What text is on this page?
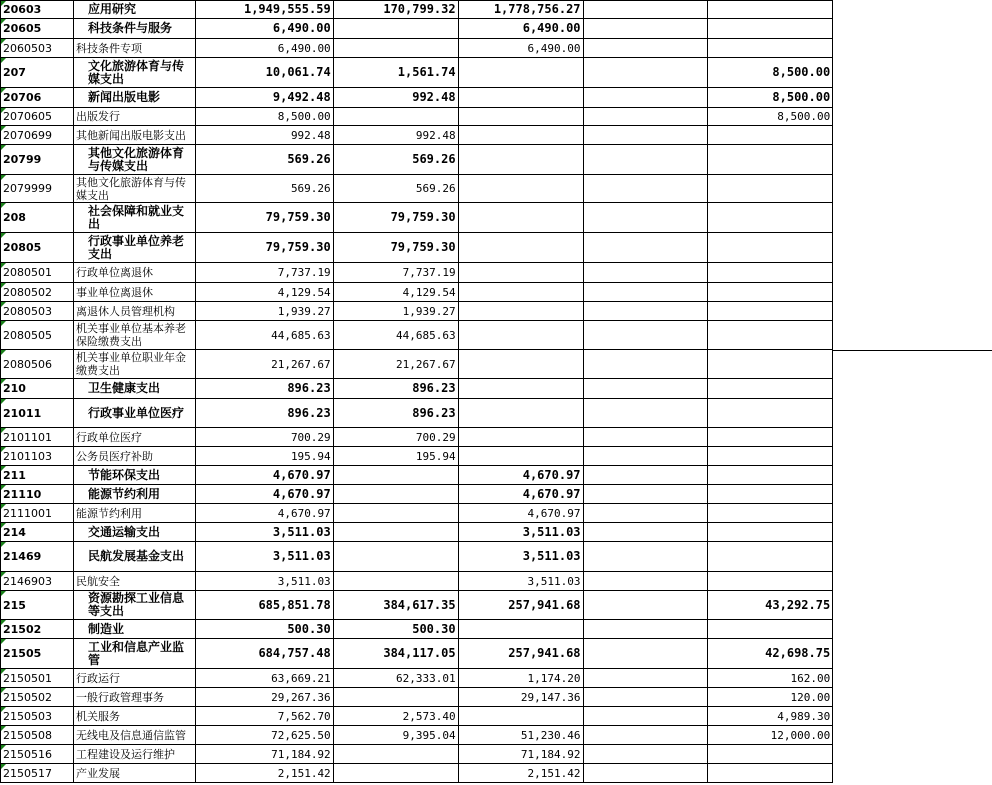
20603	应用研究	1,949,555.59	170,799.32	1,778,756.27			
20605	科技条件与服务	6,490.00		6,490.00			
2060503	科技条件专项	6,490.00		6,490.00			
207	文化旅游体育与传媒支出	10,061.74	1,561.74			8,500.00	
20706	新闻出版电影	9,492.48	992.48			8,500.00	
2070605	出版发行	8,500.00				8,500.00	
2070699	其他新闻出版电影支出	992.48	992.48				
20799	其他文化旅游体育与传媒支出	569.26	569.26				
2079999	其他文化旅游体育与传媒支出	569.26	569.26				
208	社会保障和就业支出	79,759.30	79,759.30				
20805	行政事业单位养老支出	79,759.30	79,759.30				
2080501	行政单位离退休	7,737.19	7,737.19				
2080502	事业单位离退休	4,129.54	4,129.54				
2080503	离退休人员管理机构	1,939.27	1,939.27				
2080505	机关事业单位基本养老保险缴费支出	44,685.63	44,685.63				
2080506	机关事业单位职业年金缴费支出	21,267.67	21,267.67				
210	卫生健康支出	896.23	896.23				
21011	行政事业单位医疗	896.23	896.23				
2101101	行政单位医疗	700.29	700.29				
2101103	公务员医疗补助	195.94	195.94				
211	节能环保支出	4,670.97		4,670.97			
21110	能源节约利用	4,670.97		4,670.97			
2111001	能源节约利用	4,670.97		4,670.97			
214	交通运输支出	3,511.03		3,511.03			
21469	民航发展基金支出	3,511.03		3,511.03			
2146903	民航安全	3,511.03		3,511.03			
215	资源勘探工业信息等支出	685,851.78	384,617.35	257,941.68		43,292.75	
21502	制造业	500.30	500.30				
21505	工业和信息产业监管	684,757.48	384,117.05	257,941.68		42,698.75	
2150501	行政运行	63,669.21	62,333.01	1,174.20		162.00	
2150502	一般行政管理事务	29,267.36		29,147.36		120.00	
2150503	机关服务	7,562.70	2,573.40			4,989.30	
2150508	无线电及信息通信监管	72,625.50	9,395.04	51,230.46		12,000.00	
2150516	工程建设及运行维护	71,184.92		71,184.92			
2150517	产业发展	2,151.42		2,151.42			
